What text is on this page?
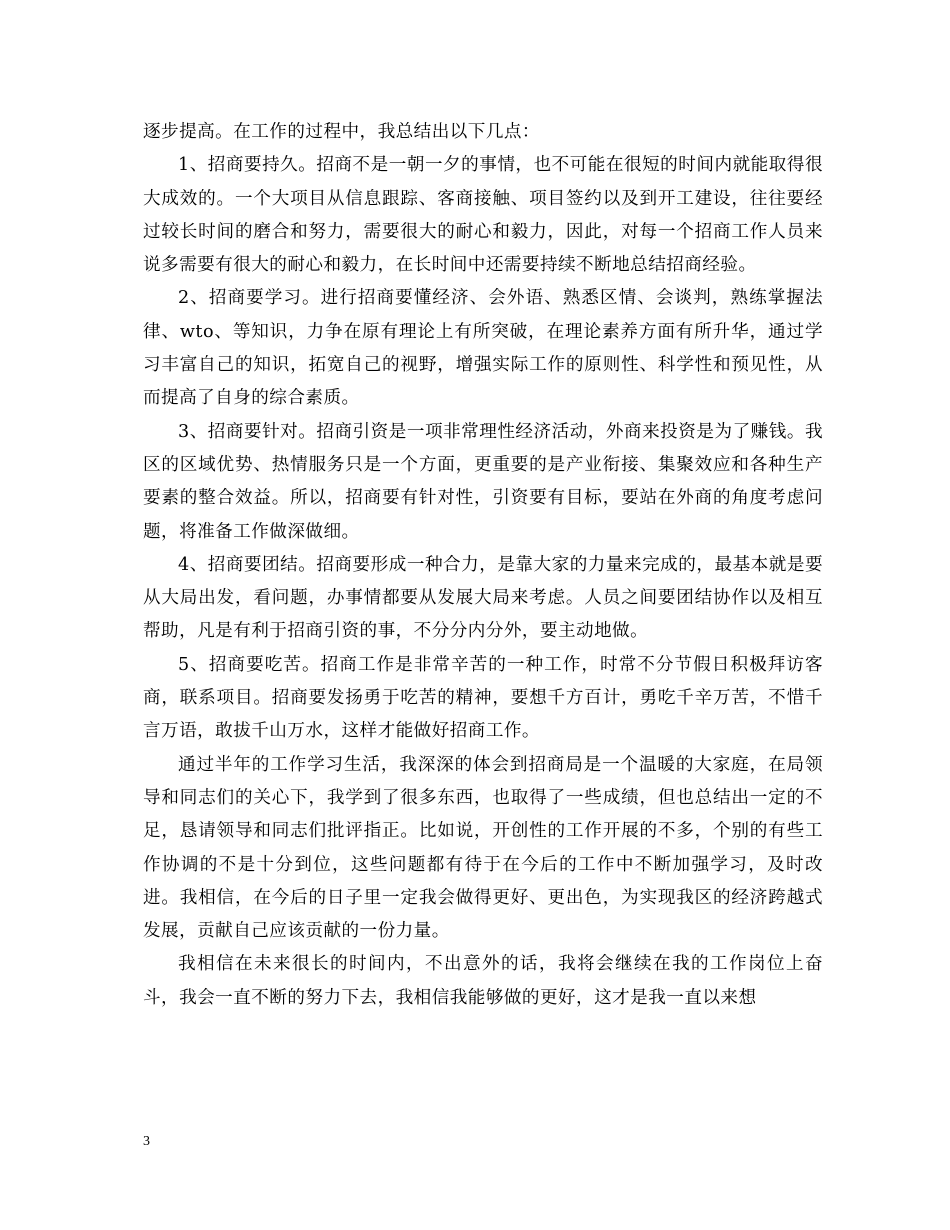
逐步提高。在工作的过程中，我总结出以下几点：

1、招商要持久。招商不是一朝一夕的事情，也不可能在很短的时间内就能取得很大成效的。一个大项目从信息跟踪、客商接触、项目签约以及到开工建设，往往要经过较长时间的磨合和努力，需要很大的耐心和毅力，因此，对每一个招商工作人员来说多需要有很大的耐心和毅力，在长时间中还需要持续不断地总结招商经验。

2、招商要学习。进行招商要懂经济、会外语、熟悉区情、会谈判，熟练掌握法律、wto、等知识，力争在原有理论上有所突破，在理论素养方面有所升华，通过学习丰富自己的知识，拓宽自己的视野，增强实际工作的原则性、科学性和预见性，从而提高了自身的综合素质。

3、招商要针对。招商引资是一项非常理性经济活动，外商来投资是为了赚钱。我区的区域优势、热情服务只是一个方面，更重要的是产业衔接、集聚效应和各种生产要素的整合效益。所以，招商要有针对性，引资要有目标，要站在外商的角度考虑问题，将准备工作做深做细。

4、招商要团结。招商要形成一种合力，是靠大家的力量来完成的，最基本就是要从大局出发，看问题，办事情都要从发展大局来考虑。人员之间要团结协作以及相互帮助，凡是有利于招商引资的事，不分分内分外，要主动地做。

5、招商要吃苦。招商工作是非常辛苦的一种工作，时常不分节假日积极拜访客商，联系项目。招商要发扬勇于吃苦的精神，要想千方百计，勇吃千辛万苦，不惜千言万语，敢拔千山万水，这样才能做好招商工作。

通过半年的工作学习生活，我深深的体会到招商局是一个温暖的大家庭，在局领导和同志们的关心下，我学到了很多东西，也取得了一些成绩，但也总结出一定的不足，恳请领导和同志们批评指正。比如说，开创性的工作开展的不多，个别的有些工作协调的不是十分到位，这些问题都有待于在今后的工作中不断加强学习，及时改进。我相信，在今后的日子里一定我会做得更好、更出色，为实现我区的经济跨越式发展，贡献自己应该贡献的一份力量。

我相信在未来很长的时间内，不出意外的话，我将会继续在我的工作岗位上奋斗，我会一直不断的努力下去，我相信我能够做的更好，这才是我一直以来想

3
